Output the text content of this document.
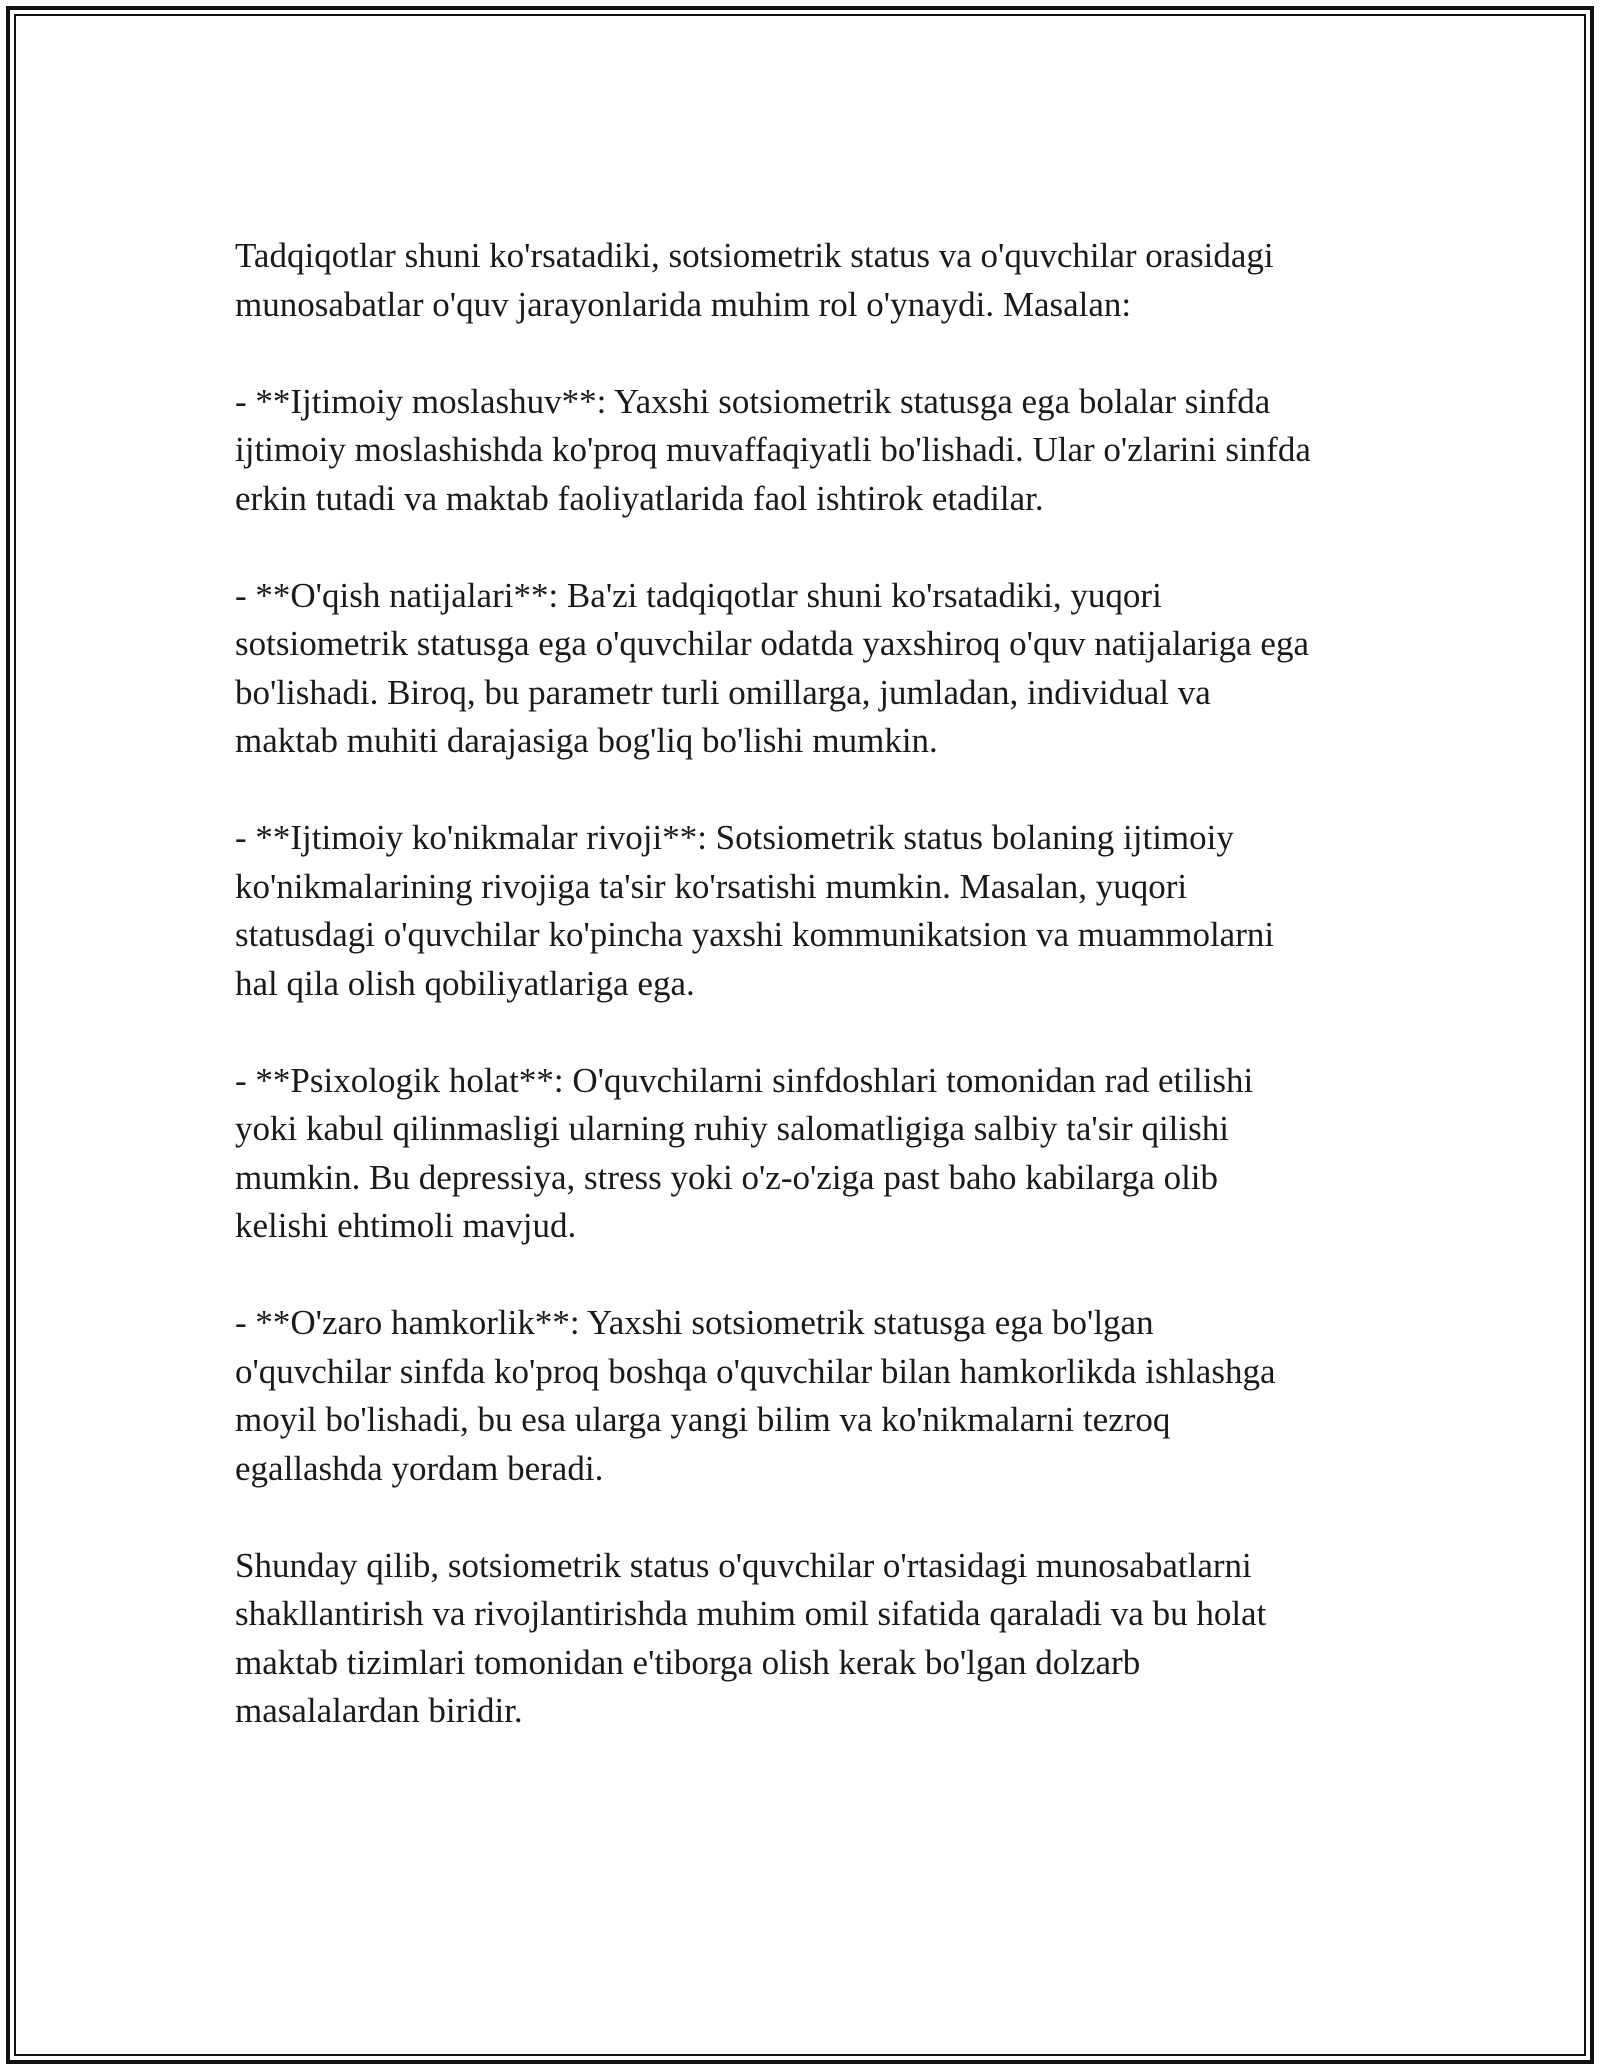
Tadqiqotlar shuni ko'rsatadiki, sotsiometrik status va o'quvchilar orasidagi
munosabatlar o'quv jarayonlarida muhim rol o'ynaydi. Masalan:

- **Ijtimoiy moslashuv**: Yaxshi sotsiometrik statusga ega bolalar sinfda
ijtimoiy moslashishda ko'proq muvaffaqiyatli bo'lishadi. Ular o'zlarini sinfda
erkin tutadi va maktab faoliyatlarida faol ishtirok etadilar.

- **O'qish natijalari**: Ba'zi tadqiqotlar shuni ko'rsatadiki, yuqori
sotsiometrik statusga ega o'quvchilar odatda yaxshiroq o'quv natijalariga ega
bo'lishadi. Biroq, bu parametr turli omillarga, jumladan, individual va
maktab muhiti darajasiga bog'liq bo'lishi mumkin.

- **Ijtimoiy ko'nikmalar rivoji**: Sotsiometrik status bolaning ijtimoiy
ko'nikmalarining rivojiga ta'sir ko'rsatishi mumkin. Masalan, yuqori
statusdagi o'quvchilar ko'pincha yaxshi kommunikatsion va muammolarni
hal qila olish qobiliyatlariga ega.

- **Psixologik holat**: O'quvchilarni sinfdoshlari tomonidan rad etilishi
yoki kabul qilinmasligi ularning ruhiy salomatligiga salbiy ta'sir qilishi
mumkin. Bu depressiya, stress yoki o'z-o'ziga past baho kabilarga olib
kelishi ehtimoli mavjud.

- **O'zaro hamkorlik**: Yaxshi sotsiometrik statusga ega bo'lgan
o'quvchilar sinfda ko'proq boshqa o'quvchilar bilan hamkorlikda ishlashga
moyil bo'lishadi, bu esa ularga yangi bilim va ko'nikmalarni tezroq
egallashda yordam beradi.

Shunday qilib, sotsiometrik status o'quvchilar o'rtasidagi munosabatlarni
shakllantirish va rivojlantirishda muhim omil sifatida qaraladi va bu holat
maktab tizimlari tomonidan e'tiborga olish kerak bo'lgan dolzarb
masalalardan biridir.
